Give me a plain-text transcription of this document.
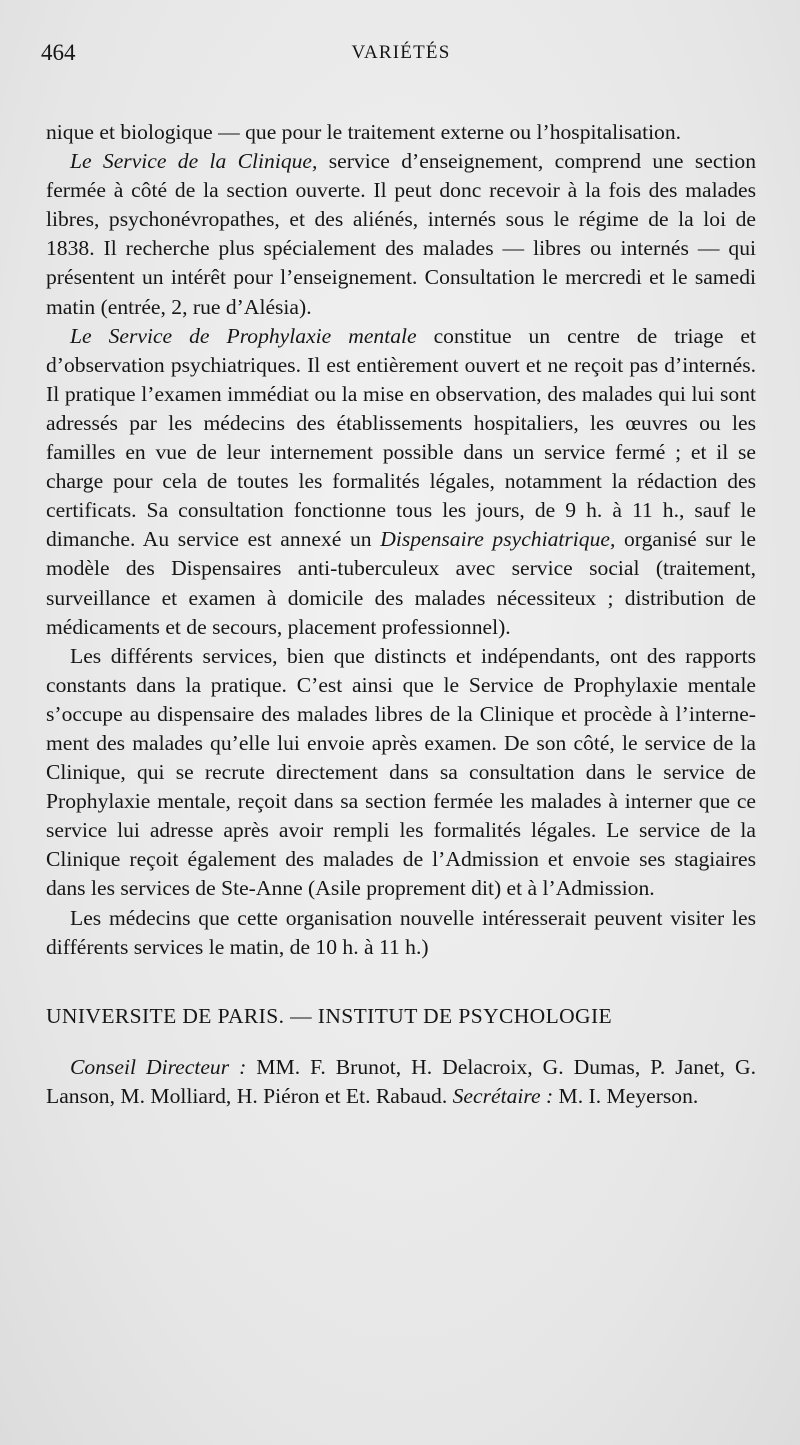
464	VARIÉTÉS

nique et biologique — que pour le traitement externe ou l’hospitalisation.

Le Service de la Clinique, service d’enseignement, comprend une section fermée à côté de la section ouverte. Il peut donc recevoir à la fois des malades libres, psychonévropathes, et des aliénés, internés sous le régime de la loi de 1838. Il recherche plus spécialement des malades — libres ou internés — qui présentent un intérêt pour l’enseignement. Consultation le mercredi et le samedi matin (entrée, 2, rue d’Alésia).

Le Service de Prophylaxie mentale constitue un centre de triage et d’observation psychiatriques. Il est entièrement ouvert et ne reçoit pas d’internés. Il pratique l’examen immédiat ou la mise en observation, des malades qui lui sont adressés par les médecins des établissements hospitaliers, les œuvres ou les familles en vue de leur internement possible dans un service fermé ; et il se charge pour cela de toutes les formalités légales, notamment la rédaction des certificats. Sa consultation fonctionne tous les jours, de 9 h. à 11 h., sauf le dimanche. Au service est annexé un Dispensaire psychiatrique, organisé sur le modèle des Dispensaires anti-tuberculeux avec service social (traitement, surveillance et examen à domicile des malades nécessiteux ; distribution de médicaments et de secours, placement professionnel).

Les différents services, bien que distincts et indépendants, ont des rapports constants dans la pratique. C’est ainsi que le Service de Prophylaxie mentale s’occupe au dispensaire des malades libres de la Clinique et procède à l’internement des malades qu’elle lui envoie après examen. De son côté, le service de la Clinique, qui se recrute directement dans sa consultation dans le service de Prophylaxie mentale, reçoit dans sa section fermée les malades à interner que ce service lui adresse après avoir rempli les formalités légales. Le service de la Clinique reçoit également des malades de l’Admission et envoie ses stagiaires dans les services de Ste-Anne (Asile proprement dit) et à l’Admission.

Les médecins que cette organisation nouvelle intéresserait peuvent visiter les différents services le matin, de 10 h. à 11 h.)

UNIVERSITE DE PARIS. — INSTITUT DE PSYCHOLOGIE

Conseil Directeur : MM. F. Brunot, H. Delacroix, G. Dumas, P. Janet, G. Lanson, M. Molliard, H. Piéron et Et. Rabaud. Secrétaire : M. I. Meyerson.
